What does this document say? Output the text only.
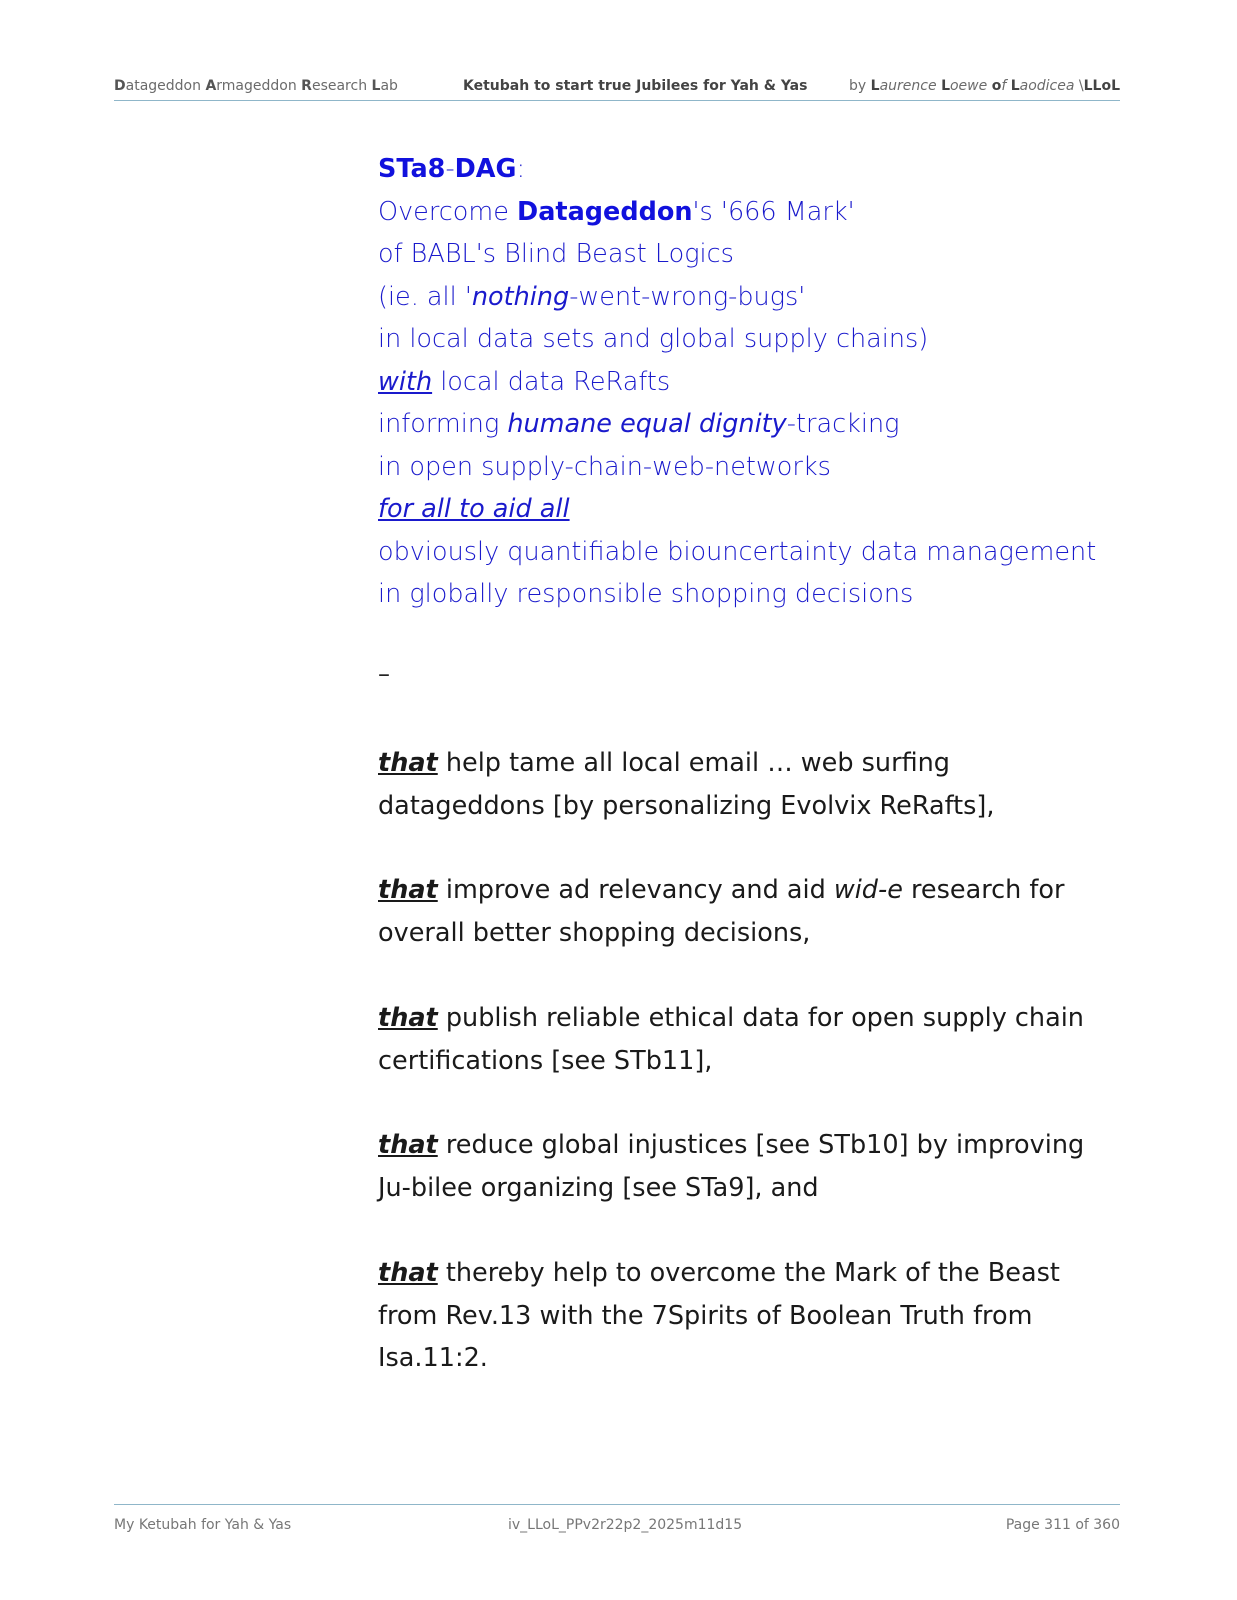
Datageddon Armageddon Research Lab	Ketubah to start true Jubilees for Yah & Yas	by Laurence Loewe of Laodicea \LLoL
STa8-DAG:
Overcome Datageddon's '666 Mark'
of BABL's Blind Beast Logics
(ie. all 'nothing-went-wrong-bugs'
in local data sets and global supply chains)
with local data ReRafts
informing humane equal dignity-tracking
in open supply-chain-web-networks
for all to aid all
obviously quantifiable biouncertainty data management
in globally responsible shopping decisions
–
that help tame all local email … web surfing datageddons [by personalizing Evolvix ReRafts],
that improve ad relevancy and aid wid-e research for overall better shopping decisions,
that publish reliable ethical data for open supply chain certifications [see STb11],
that reduce global injustices [see STb10] by improving Ju-bilee organizing [see STa9], and
that thereby help to overcome the Mark of the Beast from Rev.13 with the 7Spirits of Boolean Truth from Isa.11:2.
My Ketubah for Yah & Yas	iv_LLoL_PPv2r22p2_2025m11d15	Page 311 of 360
